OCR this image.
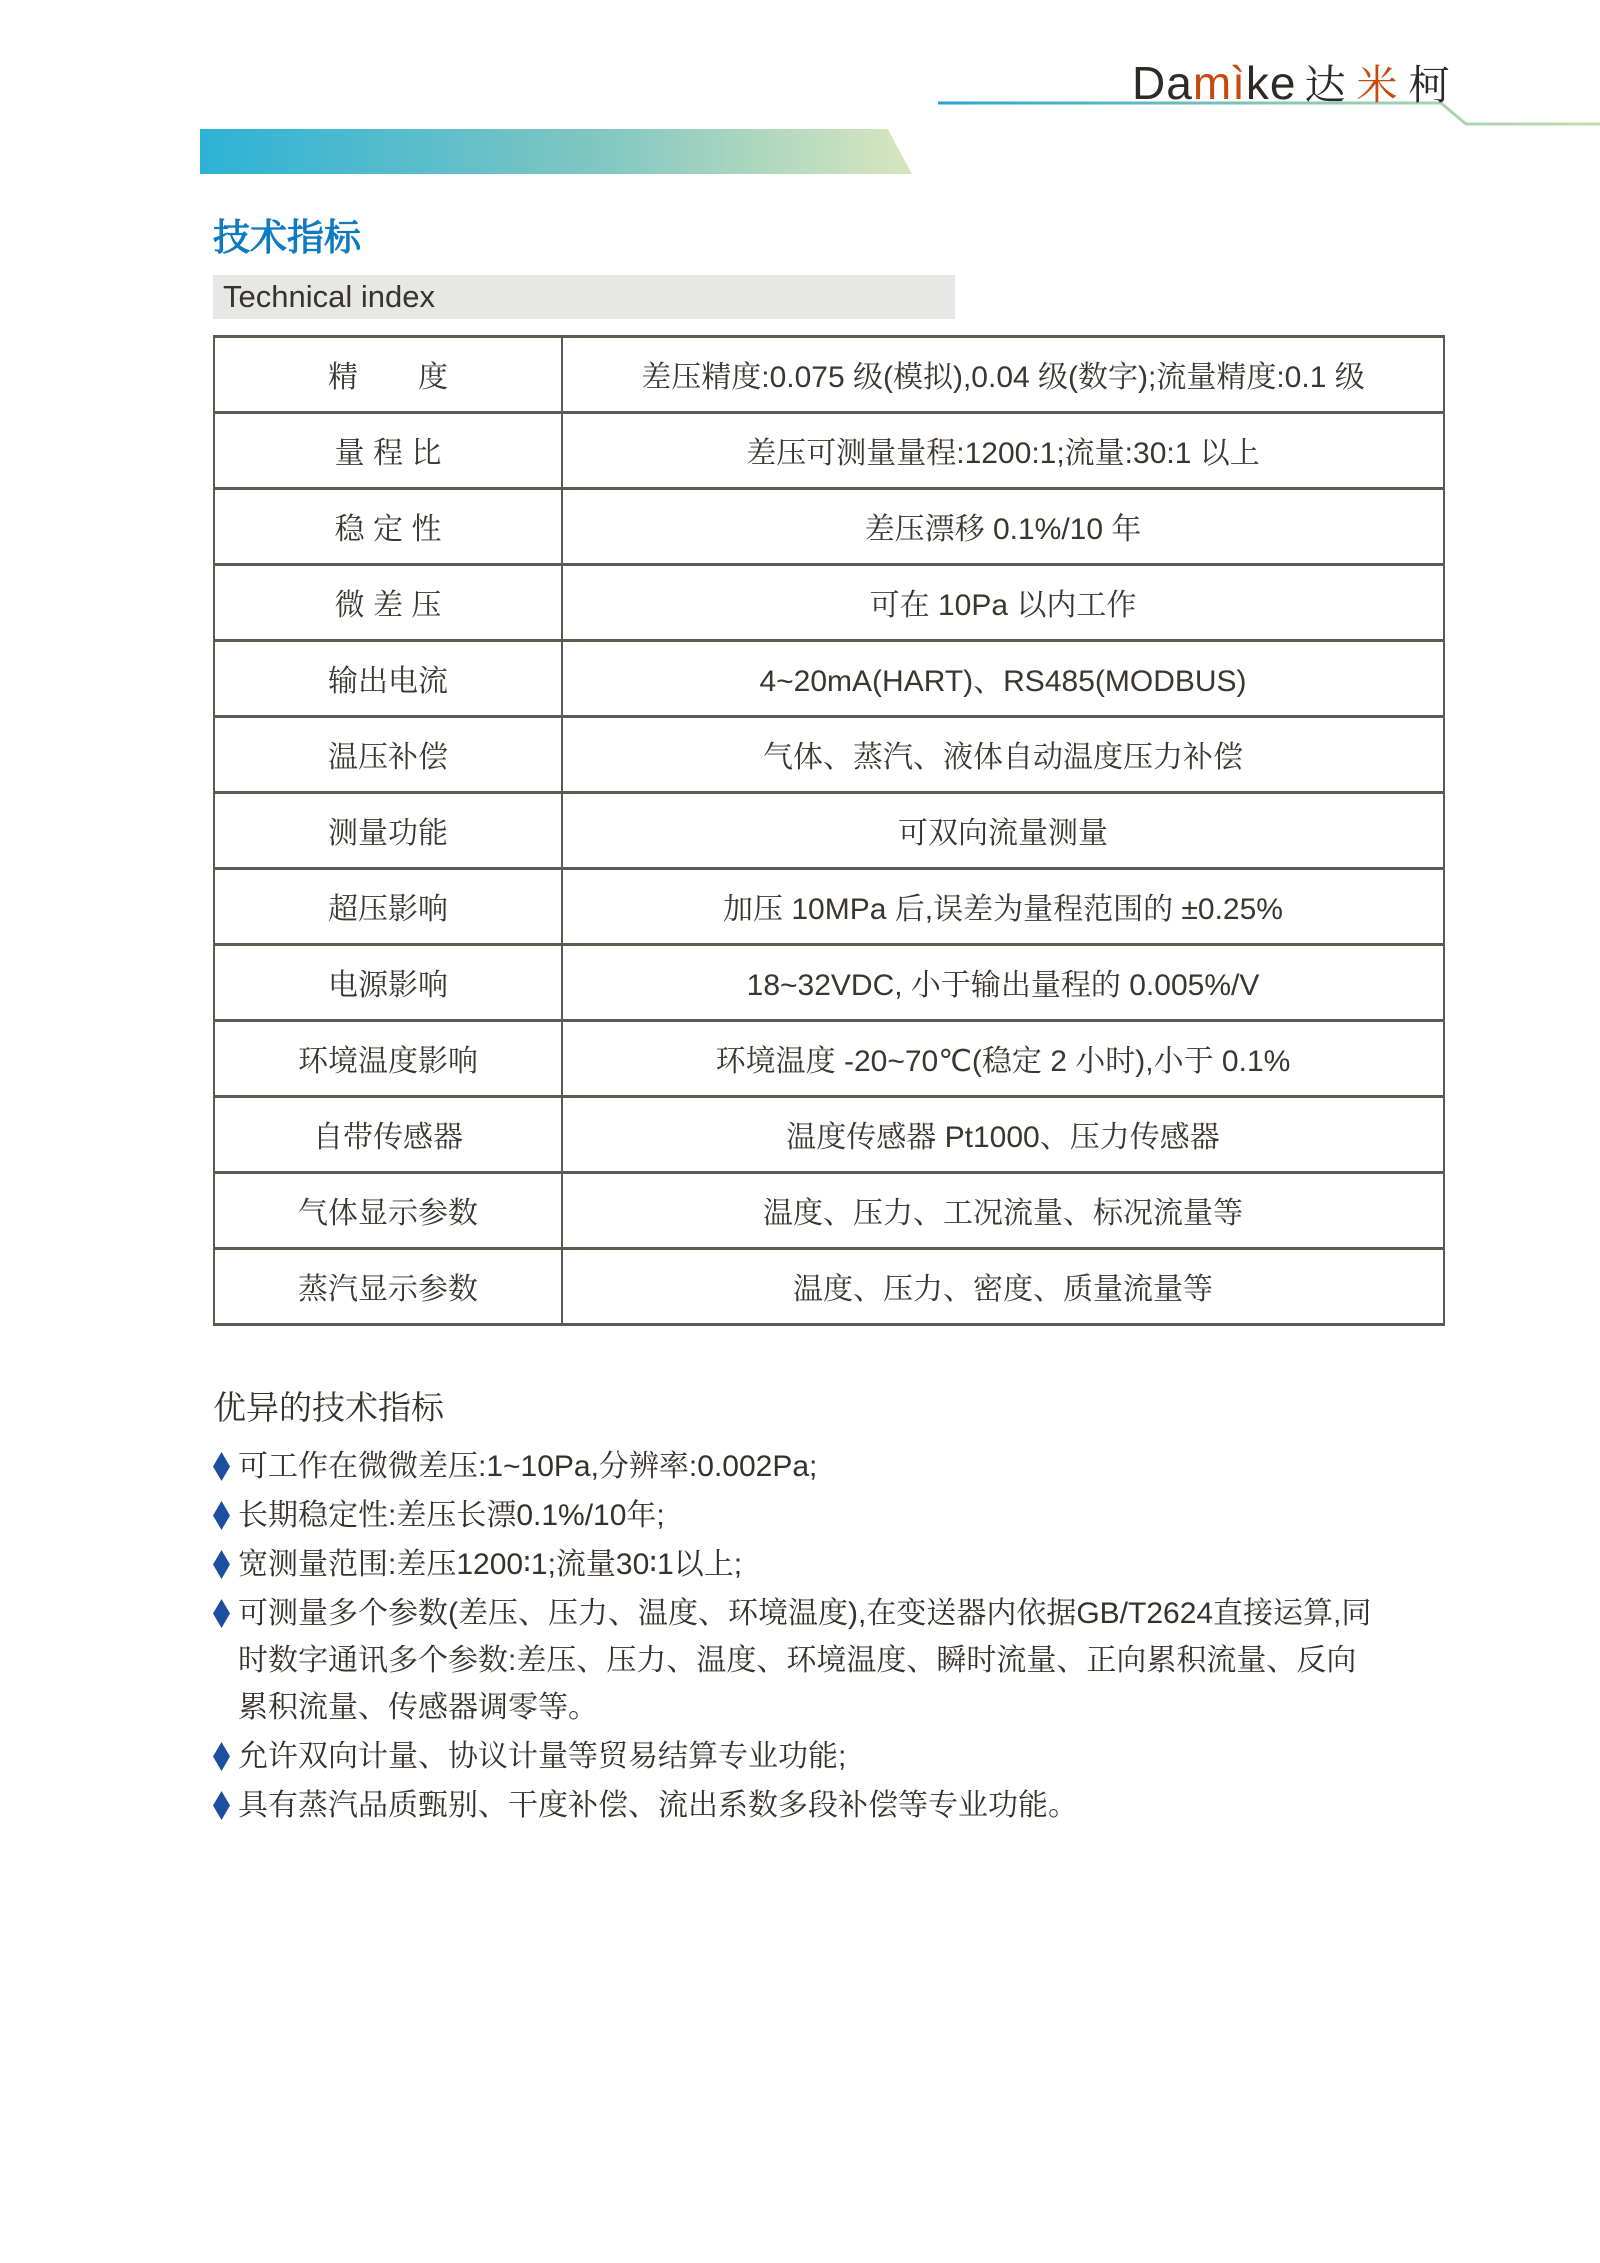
Damìke 达 米 柯
技术指标
Technical index
精　　度	差压精度:0.075 级(模拟),0.04 级(数字);流量精度:0.1 级
量 程 比	差压可测量量程:1200:1;流量:30:1 以上
稳 定 性	差压漂移 0.1%/10 年
微 差 压	可在 10Pa 以内工作
输出电流	4~20mA(HART)、RS485(MODBUS)
温压补偿	气体、蒸汽、液体自动温度压力补偿
测量功能	可双向流量测量
超压影响	加压 10MPa 后,误差为量程范围的 ±0.25%
电源影响	18~32VDC, 小于输出量程的 0.005%/V
环境温度影响	环境温度 -20~70℃(稳定 2 小时),小于 0.1%
自带传感器	温度传感器 Pt1000、压力传感器
气体显示参数	温度、压力、工况流量、标况流量等
蒸汽显示参数	温度、压力、密度、质量流量等
优异的技术指标
可工作在微微差压:1~10Pa,分辨率:0.002Pa;
长期稳定性:差压长漂0.1%/10年;
宽测量范围:差压1200∶1;流量30∶1以上;
可测量多个参数(差压、压力、温度、环境温度),在变送器内依据GB/T2624直接运算,同时数字通讯多个参数:差压、压力、温度、环境温度、瞬时流量、正向累积流量、反向累积流量、传感器调零等。
允许双向计量、协议计量等贸易结算专业功能;
具有蒸汽品质甄别、干度补偿、流出系数多段补偿等专业功能。
